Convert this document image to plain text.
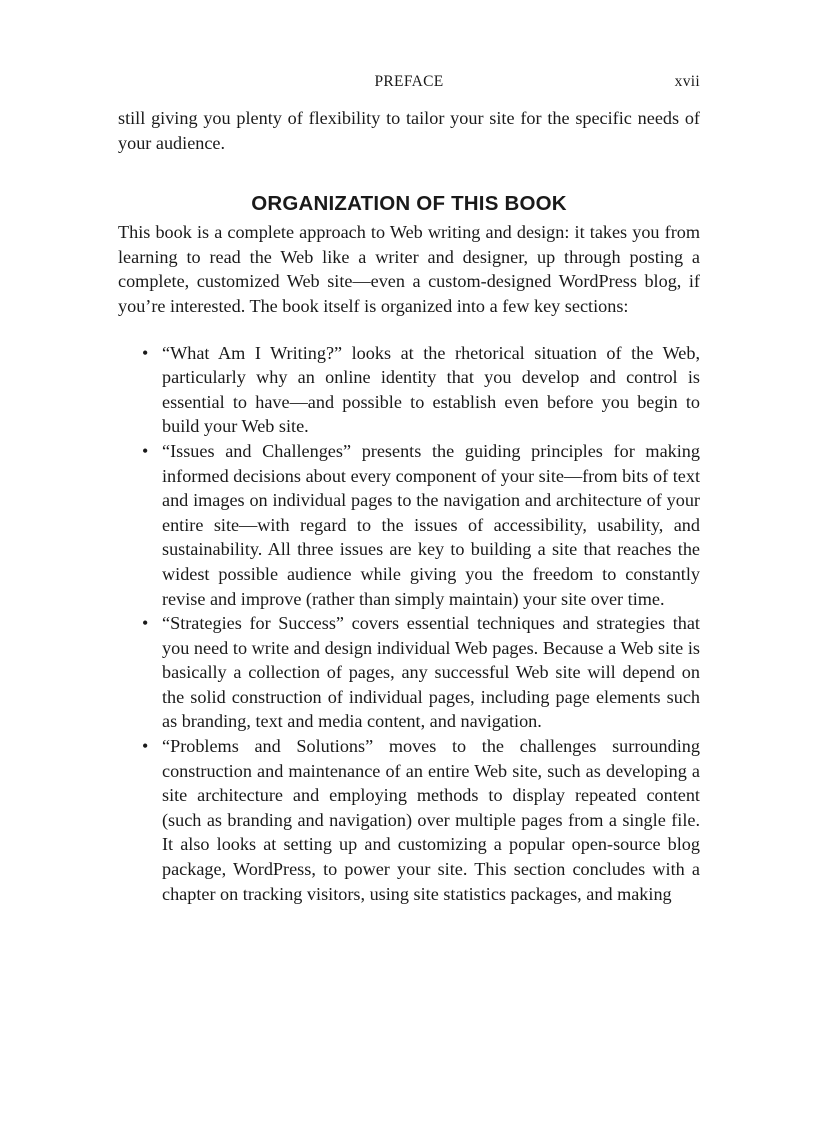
PREFACE	xvii

still giving you plenty of flexibility to tailor your site for the specific needs of your audience.

ORGANIZATION OF THIS BOOK

This book is a complete approach to Web writing and design: it takes you from learning to read the Web like a writer and designer, up through posting a complete, customized Web site—even a custom-designed WordPress blog, if you’re interested. The book itself is organized into a few key sections:

• “What Am I Writing?” looks at the rhetorical situation of the Web, particularly why an online identity that you develop and control is essential to have—and possible to establish even before you begin to build your Web site.
• “Issues and Challenges” presents the guiding principles for making informed decisions about every component of your site—from bits of text and images on individual pages to the navigation and architecture of your entire site—with regard to the issues of accessibility, usability, and sustainability. All three issues are key to building a site that reaches the widest possible audience while giving you the freedom to constantly revise and improve (rather than simply maintain) your site over time.
• “Strategies for Success” covers essential techniques and strategies that you need to write and design individual Web pages. Because a Web site is basically a collection of pages, any successful Web site will depend on the solid construction of individual pages, including page elements such as branding, text and media content, and navigation.
• “Problems and Solutions” moves to the challenges surrounding construction and maintenance of an entire Web site, such as developing a site architecture and employing methods to display repeated content (such as branding and navigation) over multiple pages from a single file. It also looks at setting up and customizing a popular open-source blog package, WordPress, to power your site. This section concludes with a chapter on tracking visitors, using site statistics packages, and making
